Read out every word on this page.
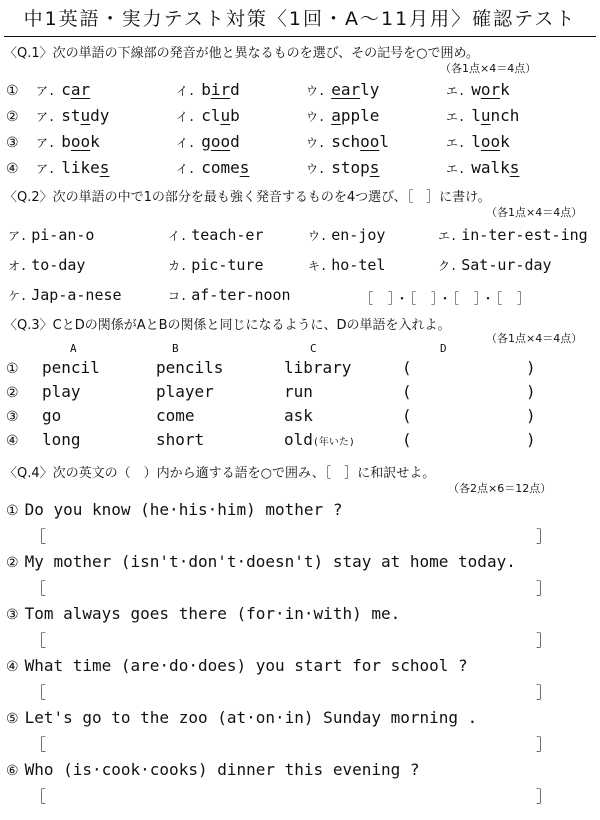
中1英語・実力テスト対策〈1回・A～11月用〉確認テスト
〈Q.1〉次の単語の下線部の発音が他と異なるものを選び、その記号を○で囲め。
（各1点×4＝4点）
① ア. car	イ. bird	ウ. early	エ. work
② ア. study	イ. club	ウ. apple	エ. lunch
③ ア. book	イ. good	ウ. school	エ. look
④ ア. likes	イ. comes	ウ. stops	エ. walks
〈Q.2〉次の単語の中で1の部分を最も強く発音するものを4つ選び、［　］に書け。
（各1点×4＝4点）
ア. pi-an-o	イ. teach-er	ウ. en-joy	エ. in-ter-est-ing
オ. to-day	カ. pic-ture	キ. ho-tel	ク. Sat-ur-day
ケ. Jap-a-nese	コ. af-ter-noon	［　］・［　］・［　］・［　］
〈Q.3〉CとDの関係がAとBの関係と同じになるように、Dの単語を入れよ。
（各1点×4＝4点）
A	B	C	D
① pencil	pencils	library	(	)
② play	player	run	(	)
③ go	come	ask	(	)
④ long	short	old(年いた)	(	)
〈Q.4〉次の英文の（　）内から適する語を○で囲み、［　］に和訳せよ。
（各2点×6＝12点）
① Do you know (he·his·him) mother ?
［	］
② My mother (isn't·don't·doesn't) stay at home today.
［	］
③ Tom always goes there (for·in·with) me.
［	］
④ What time (are·do·does) you start for school ?
［	］
⑤ Let's go to the zoo (at·on·in) Sunday morning .
［	］
⑥ Who (is·cook·cooks) dinner this evening ?
［	］
